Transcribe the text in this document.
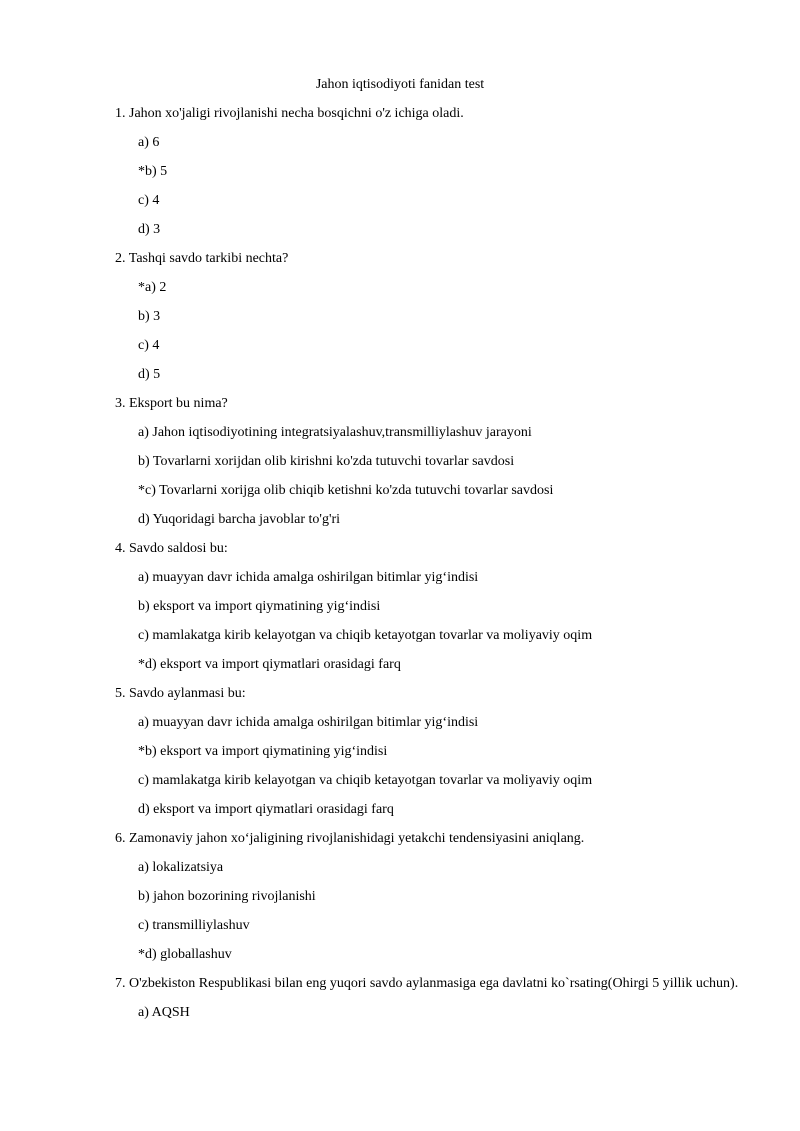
Jahon iqtisodiyoti fanidan test

1. Jahon xo'jaligi rivojlanishi necha bosqichni o'z ichiga oladi.

a) 6
*b) 5
c) 4
d) 3

2. Tashqi savdo tarkibi nechta?

*a) 2
b) 3
c) 4
d) 5

3. Eksport bu nima?

a) Jahon iqtisodiyotining integratsiyalashuv,transmilliylashuv jarayoni
b) Tovarlarni xorijdan olib kirishni ko'zda tutuvchi tovarlar savdosi
*c) Tovarlarni xorijga olib chiqib ketishni ko'zda tutuvchi tovarlar savdosi
d) Yuqoridagi barcha javoblar to'g'ri

4. Savdo saldosi bu:

a) muayyan davr ichida amalga oshirilgan bitimlar yig‘indisi
b) eksport va import qiymatining yig‘indisi
c) mamlakatga kirib kelayotgan va chiqib ketayotgan tovarlar va moliyaviy oqim
*d) eksport va import qiymatlari orasidagi farq

5. Savdo aylanmasi bu:

a) muayyan davr ichida amalga oshirilgan bitimlar yig‘indisi
*b) eksport va import qiymatining yig‘indisi
c) mamlakatga kirib kelayotgan va chiqib ketayotgan tovarlar va moliyaviy oqim
d) eksport va import qiymatlari orasidagi farq

6. Zamonaviy jahon xo‘jaligining rivojlanishidagi yetakchi tendensiyasini aniqlang.

a) lokalizatsiya
b) jahon bozorining rivojlanishi
c) transmilliylashuv
*d) globallashuv

7. O'zbekiston Respublikasi bilan eng yuqori savdo aylanmasiga ega davlatni ko`rsating(Ohirgi 5 yillik uchun).

a) AQSH
